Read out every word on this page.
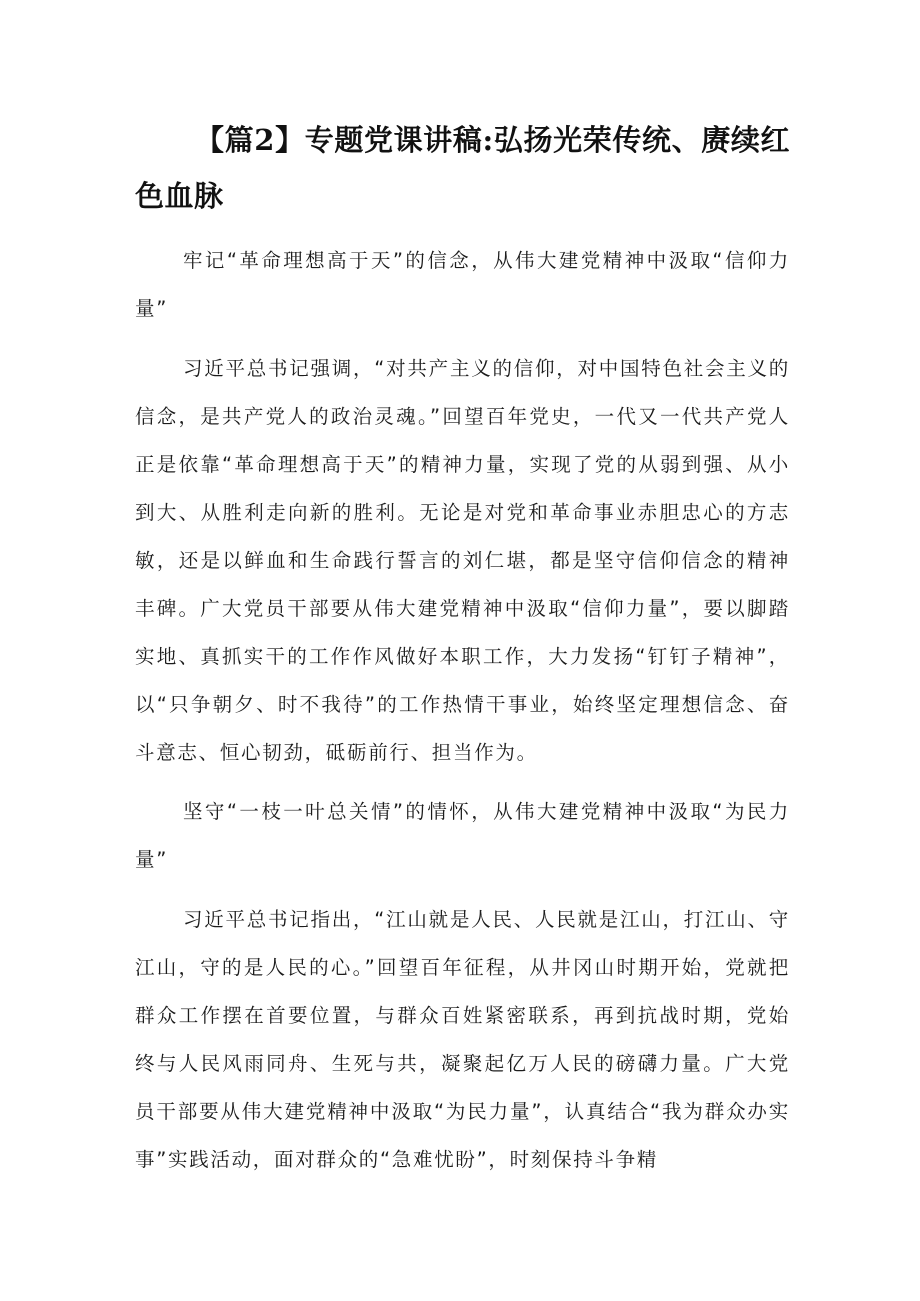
【篇2】专题党课讲稿:弘扬光荣传统、赓续红色血脉

牢记“革命理想高于天”的信念，从伟大建党精神中汲取“信仰力量”

习近平总书记强调，“对共产主义的信仰，对中国特色社会主义的信念，是共产党人的政治灵魂。”回望百年党史，一代又一代共产党人正是依靠“革命理想高于天”的精神力量，实现了党的从弱到强、从小到大、从胜利走向新的胜利。无论是对党和革命事业赤胆忠心的方志敏，还是以鲜血和生命践行誓言的刘仁堪，都是坚守信仰信念的精神丰碑。广大党员干部要从伟大建党精神中汲取“信仰力量”，要以脚踏实地、真抓实干的工作作风做好本职工作，大力发扬“钉钉子精神”，以“只争朝夕、时不我待”的工作热情干事业，始终坚定理想信念、奋斗意志、恒心韧劲，砥砺前行、担当作为。

坚守“一枝一叶总关情”的情怀，从伟大建党精神中汲取“为民力量”

习近平总书记指出，“江山就是人民、人民就是江山，打江山、守江山，守的是人民的心。”回望百年征程，从井冈山时期开始，党就把群众工作摆在首要位置，与群众百姓紧密联系，再到抗战时期，党始终与人民风雨同舟、生死与共，凝聚起亿万人民的磅礴力量。广大党员干部要从伟大建党精神中汲取“为民力量”，认真结合“我为群众办实事”实践活动，面对群众的“急难忧盼”，时刻保持斗争精
